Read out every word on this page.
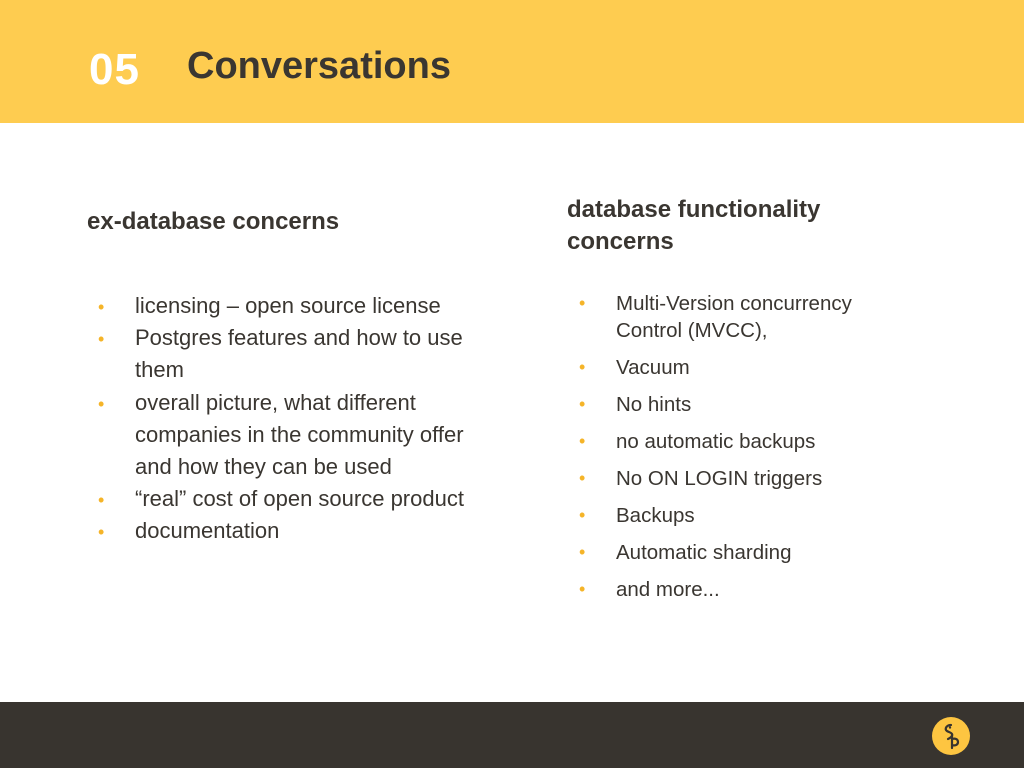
05 Conversations
ex-database concerns	database functionality concerns
• licensing – open source license
• Postgres features and how to use them
• overall picture, what different companies in the community offer and how they can be used
• “real” cost of open source product
• documentation
• Multi-Version concurrency Control (MVCC),
• Vacuum
• No hints
• no automatic backups
• No ON LOGIN triggers
• Backups
• Automatic sharding
• and more...
